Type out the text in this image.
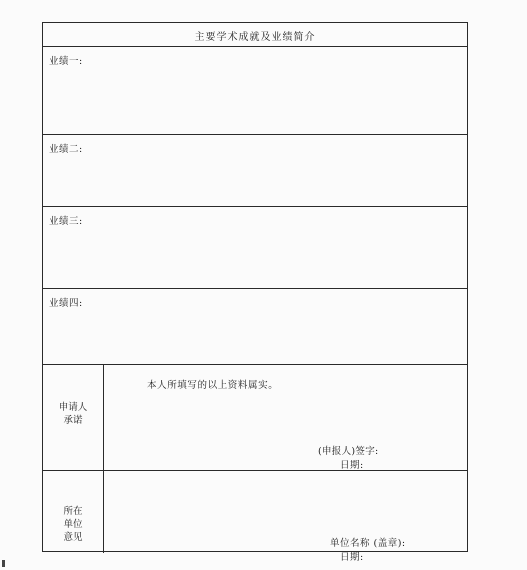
主要学术成就及业绩简介
业绩一:
业绩二:
业绩三:
业绩四:
申请人
承诺
本人所填写的以上资料属实。
(申报人)签字:
日期:
所在
单位
意见
单位名称 (盖章):
日期:
